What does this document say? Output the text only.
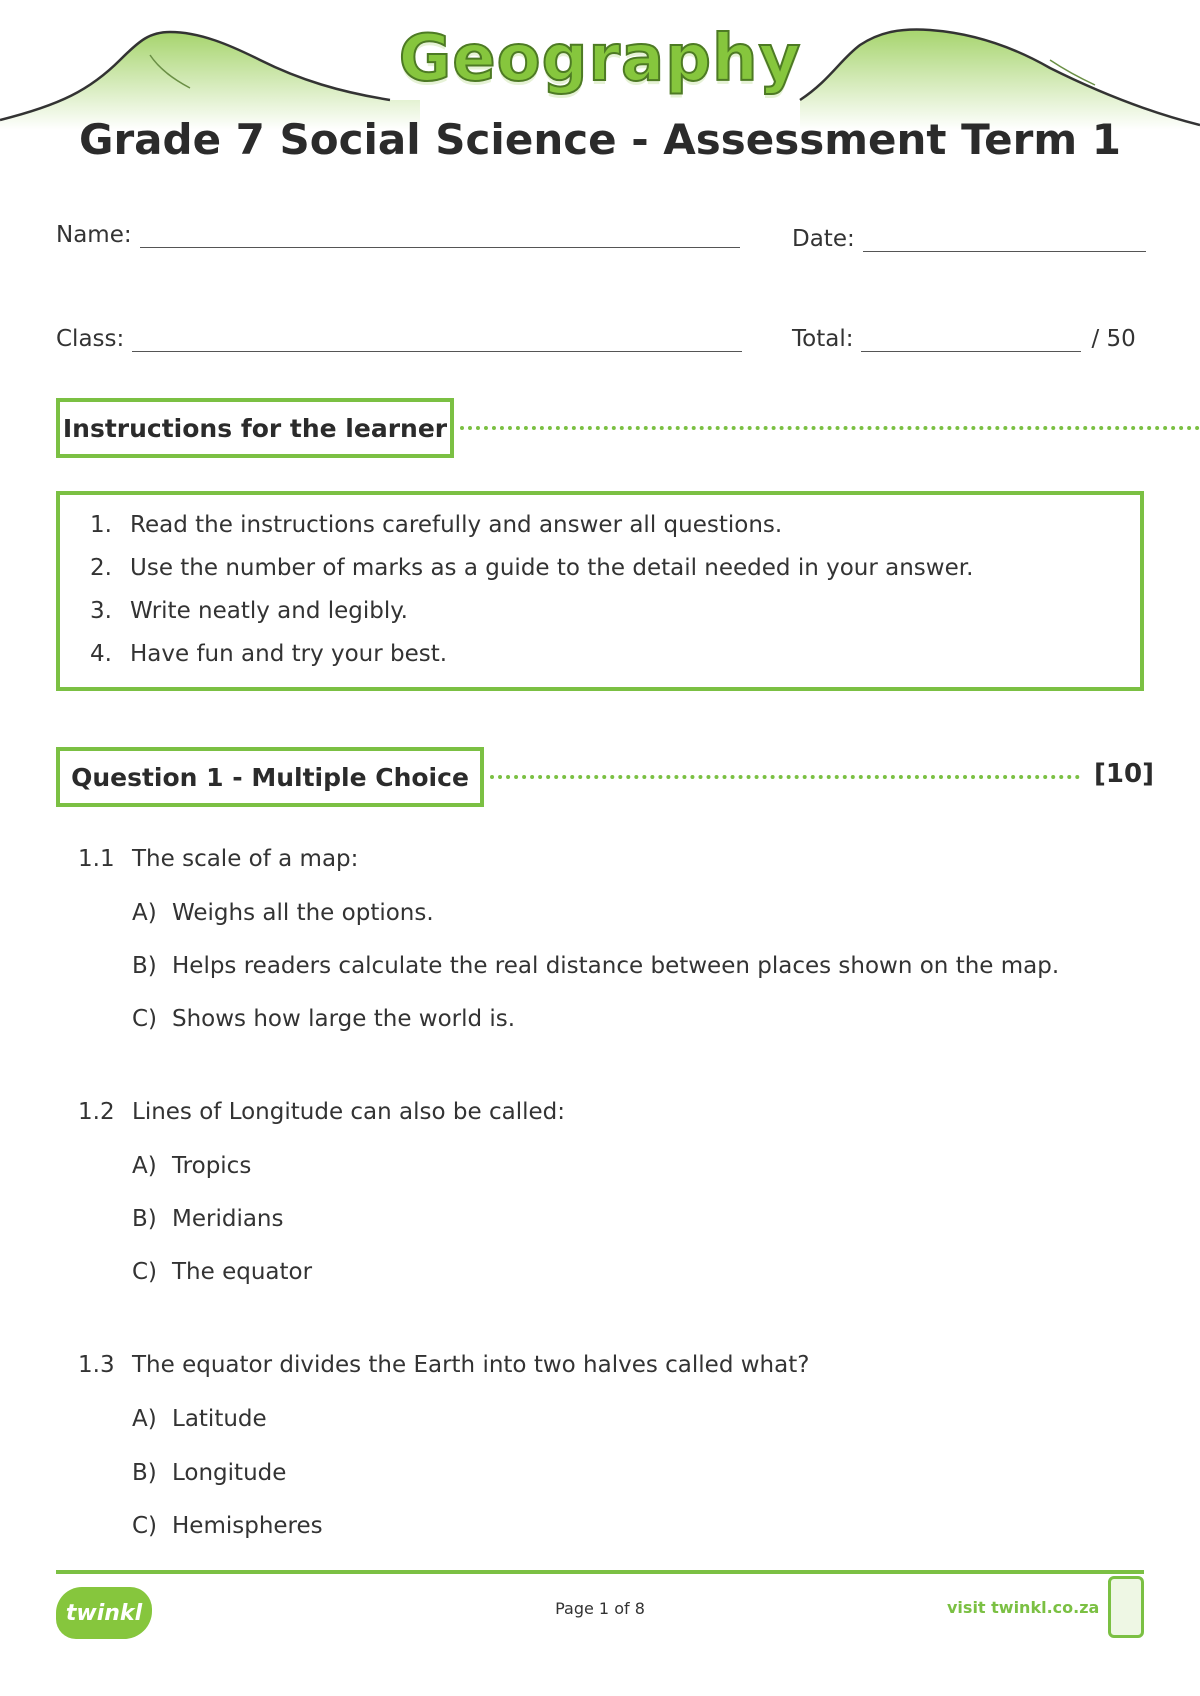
Geography
Grade 7 Social Science - Assessment Term 1
Name:	Date:
Class:	Total:	/ 50
Instructions for the learner
1. Read the instructions carefully and answer all questions.
2. Use the number of marks as a guide to the detail needed in your answer.
3. Write neatly and legibly.
4. Have fun and try your best.
Question 1 - Multiple Choice	[10]
1.1 The scale of a map:
A) Weighs all the options.
B) Helps readers calculate the real distance between places shown on the map.
C) Shows how large the world is.
1.2 Lines of Longitude can also be called:
A) Tropics
B) Meridians
C) The equator
1.3 The equator divides the Earth into two halves called what?
A) Latitude
B) Longitude
C) Hemispheres
twinkl	Page 1 of 8	visit twinkl.co.za
